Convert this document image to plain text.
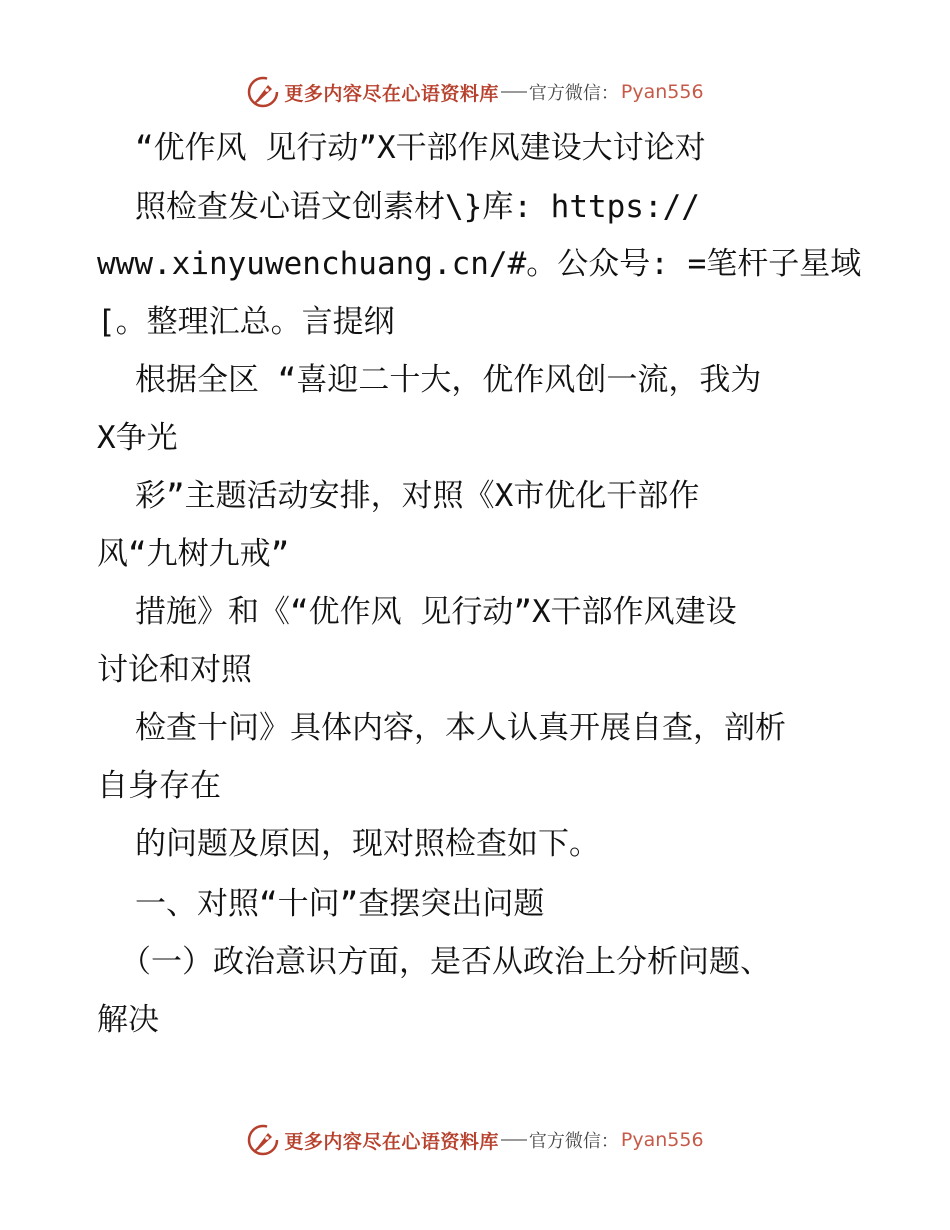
更多内容尽在心语资料库 官方微信： Pyan556
“优作风 见行动”X干部作风建设大讨论对
照检查发心语文创素材\}库: https://
www.xinyuwenchuang.cn/#。公众号: =笔杆子星域
[。整理汇总。言提纲
根据全区 “喜迎二十大，优作风创一流，我为
X争光
彩”主题活动安排，对照《X市优化干部作
风“九树九戒”
措施》和《“优作风 见行动”X干部作风建设
讨论和对照
检查十问》具体内容，本人认真开展自查，剖析
自身存在
的问题及原因，现对照检查如下。
一、对照“十问”查摆突出问题
（一）政治意识方面，是否从政治上分析问题、
解决
更多内容尽在心语资料库 官方微信： Pyan556
